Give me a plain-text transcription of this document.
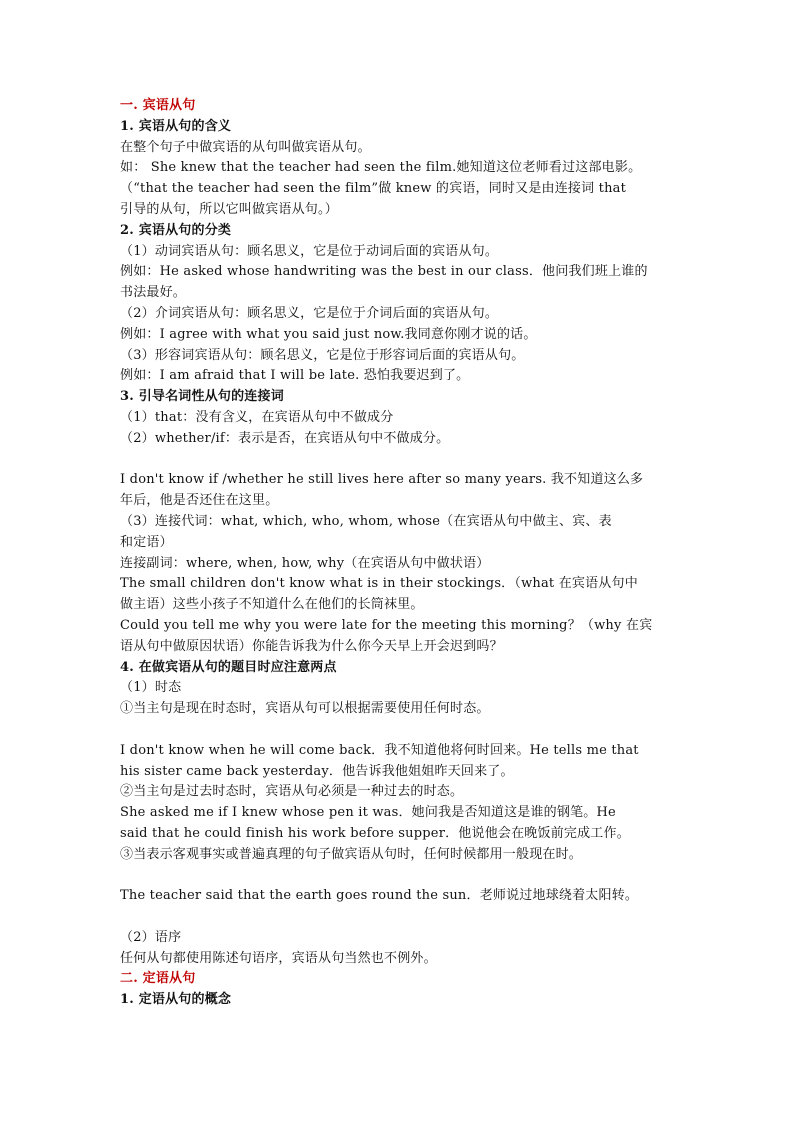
一. 宾语从句

1. 宾语从句的含义

在整个句子中做宾语的从句叫做宾语从句。

如： She knew that the teacher had seen the film.她知道这位老师看过这部电影。

（“that the teacher had seen the film”做 knew 的宾语，同时又是由连接词 that

引导的从句，所以它叫做宾语从句。）

2. 宾语从句的分类

（1）动词宾语从句：顾名思义，它是位于动词后面的宾语从句。

例如：He asked whose handwriting was the best in our class．他问我们班上谁的

书法最好。

（2）介词宾语从句：顾名思义，它是位于介词后面的宾语从句。

例如：I agree with what you said just now.我同意你刚才说的话。

（3）形容词宾语从句：顾名思义，它是位于形容词后面的宾语从句。

例如：I am afraid that I will be late. 恐怕我要迟到了。

3. 引导名词性从句的连接词

（1）that：没有含义，在宾语从句中不做成分

（2）whether/if：表示是否，在宾语从句中不做成分。

I don't know if /whether he still lives here after so many years. 我不知道这么多

年后，他是否还住在这里。

（3）连接代词：what, which, who, whom, whose（在宾语从句中做主、宾、表

和定语）

连接副词：where, when, how, why（在宾语从句中做状语）

The small children don't know what is in their stockings．（what 在宾语从句中

做主语）这些小孩子不知道什么在他们的长筒袜里。

Could you tell me why you were late for the meeting this morning？（why 在宾

语从句中做原因状语）你能告诉我为什么你今天早上开会迟到吗？

4. 在做宾语从句的题目时应注意两点

（1）时态

①当主句是现在时态时，宾语从句可以根据需要使用任何时态。

I don't know when he will come back．我不知道他将何时回来。He tells me that

his sister came back yesterday．他告诉我他姐姐昨天回来了。

②当主句是过去时态时，宾语从句必须是一种过去的时态。

She asked me if I knew whose pen it was．她问我是否知道这是谁的钢笔。He

said that he could finish his work before supper．他说他会在晚饭前完成工作。

③当表示客观事实或普遍真理的句子做宾语从句时，任何时候都用一般现在时。

The teacher said that the earth goes round the sun．老师说过地球绕着太阳转。

（2）语序

任何从句都使用陈述句语序，宾语从句当然也不例外。

二. 定语从句

1. 定语从句的概念
